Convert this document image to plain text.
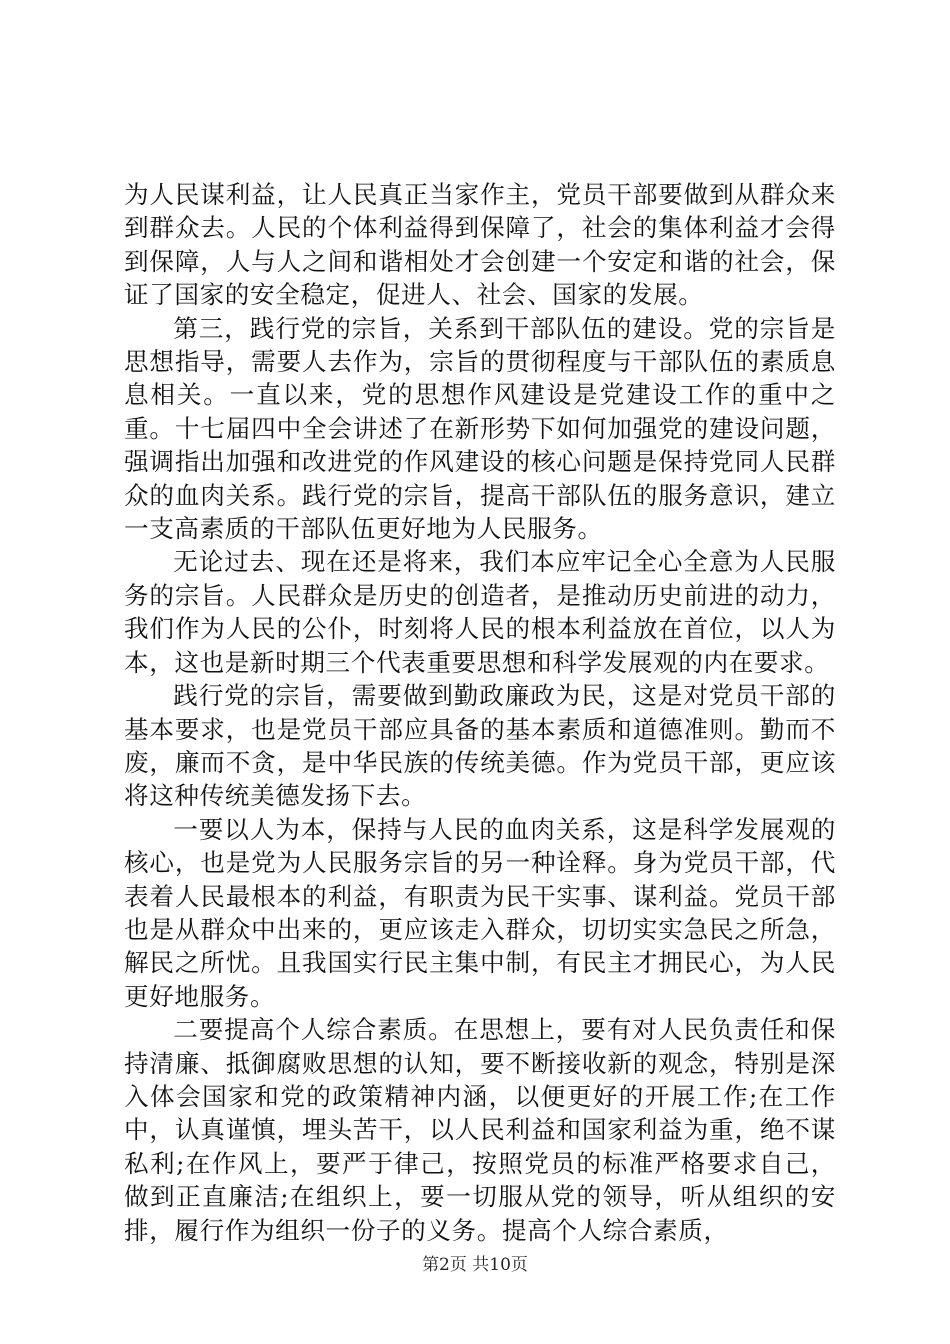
为人民谋利益，让人民真正当家作主，党员干部要做到从群众来到群众去。人民的个体利益得到保障了，社会的集体利益才会得到保障，人与人之间和谐相处才会创建一个安定和谐的社会，保证了国家的安全稳定，促进人、社会、国家的发展。

第三，践行党的宗旨，关系到干部队伍的建设。党的宗旨是思想指导，需要人去作为，宗旨的贯彻程度与干部队伍的素质息息相关。一直以来，党的思想作风建设是党建设工作的重中之重。十七届四中全会讲述了在新形势下如何加强党的建设问题，强调指出加强和改进党的作风建设的核心问题是保持党同人民群众的血肉关系。践行党的宗旨，提高干部队伍的服务意识，建立一支高素质的干部队伍更好地为人民服务。

无论过去、现在还是将来，我们本应牢记全心全意为人民服务的宗旨。人民群众是历史的创造者，是推动历史前进的动力，我们作为人民的公仆，时刻将人民的根本利益放在首位，以人为本，这也是新时期三个代表重要思想和科学发展观的内在要求。

践行党的宗旨，需要做到勤政廉政为民，这是对党员干部的基本要求，也是党员干部应具备的基本素质和道德准则。勤而不废，廉而不贪，是中华民族的传统美德。作为党员干部，更应该将这种传统美德发扬下去。

一要以人为本，保持与人民的血肉关系，这是科学发展观的核心，也是党为人民服务宗旨的另一种诠释。身为党员干部，代表着人民最根本的利益，有职责为民干实事、谋利益。党员干部也是从群众中出来的，更应该走入群众，切切实实急民之所急，解民之所忧。且我国实行民主集中制，有民主才拥民心，为人民更好地服务。

二要提高个人综合素质。在思想上，要有对人民负责任和保持清廉、抵御腐败思想的认知，要不断接收新的观念，特别是深入体会国家和党的政策精神内涵，以便更好的开展工作;在工作中，认真谨慎，埋头苦干，以人民利益和国家利益为重，绝不谋私利;在作风上，要严于律己，按照党员的标准严格要求自己，做到正直廉洁;在组织上，要一切服从党的领导，听从组织的安排，履行作为组织一份子的义务。提高个人综合素质，

第2页 共10页
